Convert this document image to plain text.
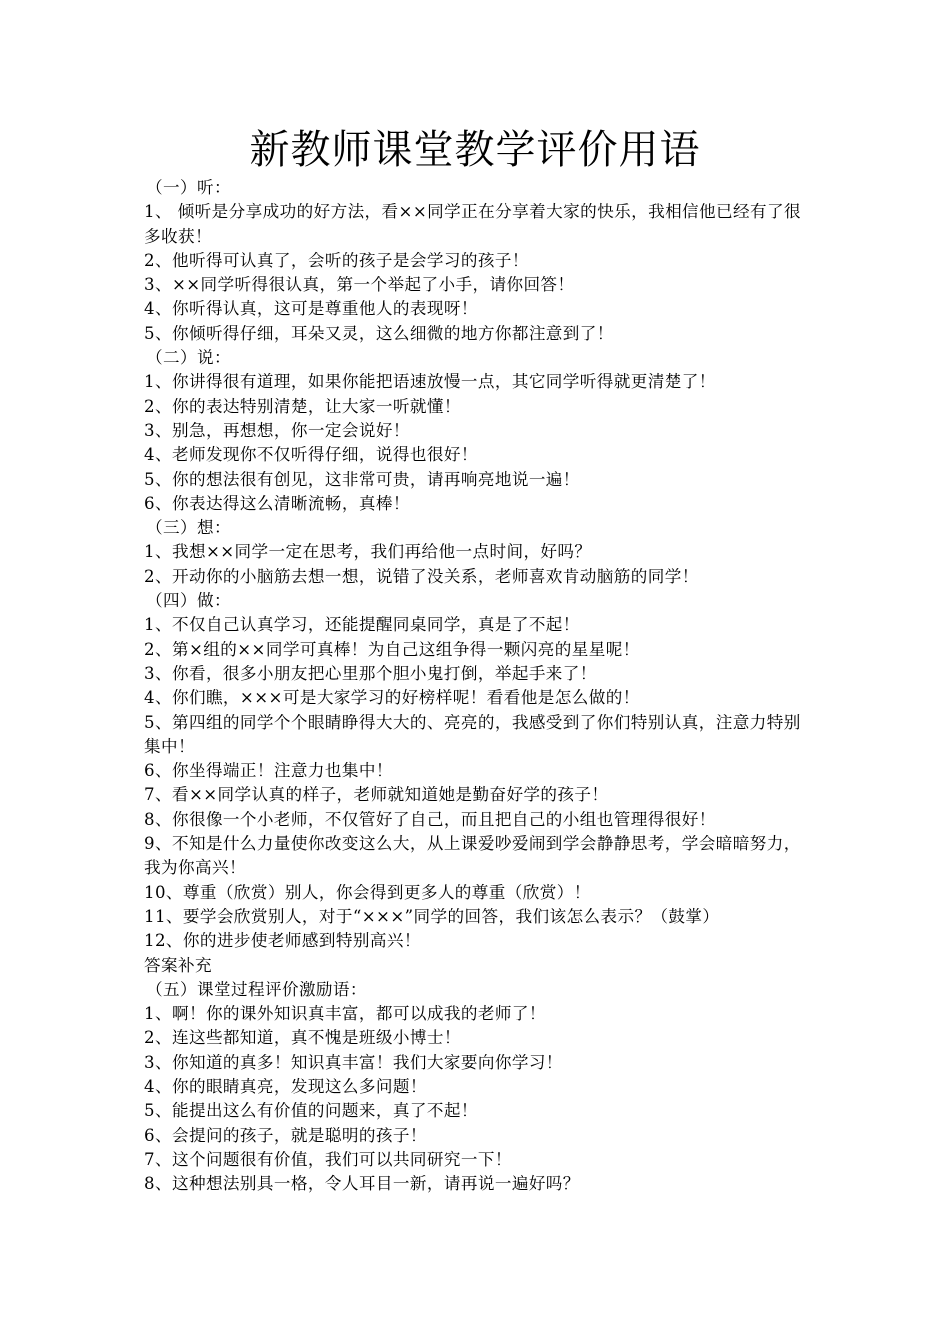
新教师课堂教学评价用语
（一）听：
1、 倾听是分享成功的好方法，看××同学正在分享着大家的快乐，我相信他已经有了很多收获！
2、他听得可认真了，会听的孩子是会学习的孩子！
3、××同学听得很认真，第一个举起了小手，请你回答！
4、你听得认真，这可是尊重他人的表现呀！
5、你倾听得仔细，耳朵又灵，这么细微的地方你都注意到了！
（二）说：
1、你讲得很有道理，如果你能把语速放慢一点，其它同学听得就更清楚了！
2、你的表达特别清楚，让大家一听就懂！
3、别急，再想想，你一定会说好！
4、老师发现你不仅听得仔细，说得也很好！
5、你的想法很有创见，这非常可贵，请再响亮地说一遍！
6、你表达得这么清晰流畅，真棒！
（三）想：
1、我想××同学一定在思考，我们再给他一点时间，好吗？
2、开动你的小脑筋去想一想，说错了没关系，老师喜欢肯动脑筋的同学！
（四）做：
1、不仅自己认真学习，还能提醒同桌同学，真是了不起！
2、第×组的××同学可真棒！为自己这组争得一颗闪亮的星星呢！
3、你看，很多小朋友把心里那个胆小鬼打倒，举起手来了！
4、你们瞧，×××可是大家学习的好榜样呢！看看他是怎么做的！
5、第四组的同学个个眼睛睁得大大的、亮亮的，我感受到了你们特别认真，注意力特别集中！
6、你坐得端正！注意力也集中！
7、看××同学认真的样子，老师就知道她是勤奋好学的孩子！
8、你很像一个小老师，不仅管好了自己，而且把自己的小组也管理得很好！
9、不知是什么力量使你改变这么大，从上课爱吵爱闹到学会静静思考，学会暗暗努力，我为你高兴！
10、尊重（欣赏）别人，你会得到更多人的尊重（欣赏）！
11、要学会欣赏别人，对于“×××”同学的回答，我们该怎么表示？（鼓掌）
12、你的进步使老师感到特别高兴！
答案补充
（五）课堂过程评价激励语：
1、啊！你的课外知识真丰富，都可以成我的老师了！
2、连这些都知道，真不愧是班级小博士！
3、你知道的真多！知识真丰富！我们大家要向你学习！
4、你的眼睛真亮，发现这么多问题！
5、能提出这么有价值的问题来，真了不起！
6、会提问的孩子，就是聪明的孩子！
7、这个问题很有价值，我们可以共同研究一下！
8、这种想法别具一格，令人耳目一新，请再说一遍好吗？
